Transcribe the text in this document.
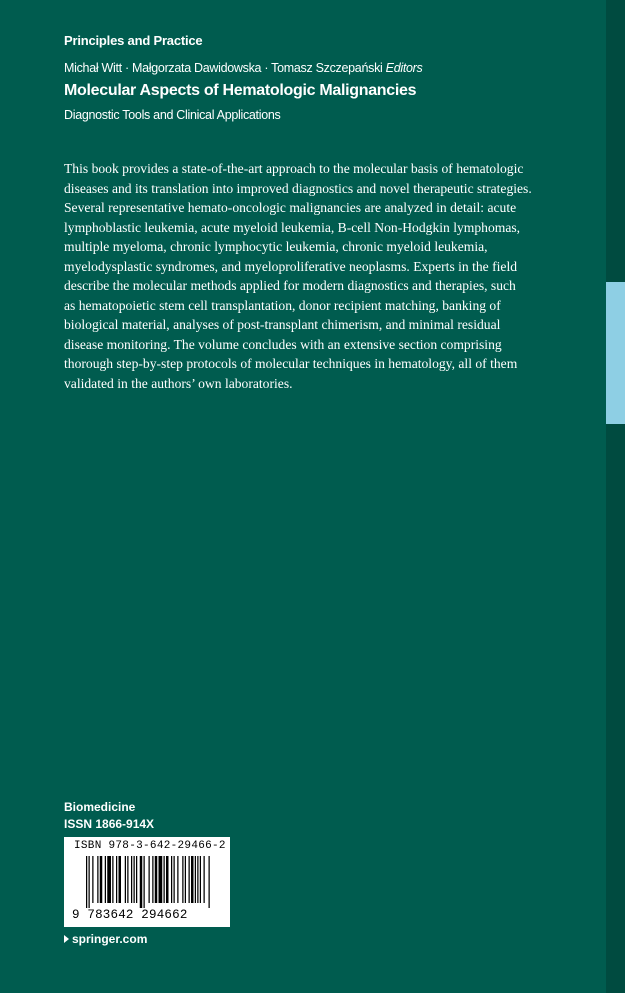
Principles and Practice
Michał Witt · Małgorzata Dawidowska · Tomasz Szczepański Editors
Molecular Aspects of Hematologic Malignancies
Diagnostic Tools and Clinical Applications
This book provides a state-of-the-art approach to the molecular basis of hematologic
diseases and its translation into improved diagnostics and novel therapeutic strategies.
Several representative hemato-oncologic malignancies are analyzed in detail: acute
lymphoblastic leukemia, acute myeloid leukemia, B-cell Non-Hodgkin lymphomas,
multiple myeloma, chronic lymphocytic leukemia, chronic myeloid leukemia,
myelodysplastic syndromes, and myeloproliferative neoplasms. Experts in the field
describe the molecular methods applied for modern diagnostics and therapies, such
as hematopoietic stem cell transplantation, donor recipient matching, banking of
biological material, analyses of post-transplant chimerism, and minimal residual
disease monitoring. The volume concludes with an extensive section comprising
thorough step-by-step protocols of molecular techniques in hematology, all of them
validated in the authors’ own laboratories.
Biomedicine
ISSN 1866-914X
ISBN 978-3-642-29466-2
9 783642 294662
springer.com
